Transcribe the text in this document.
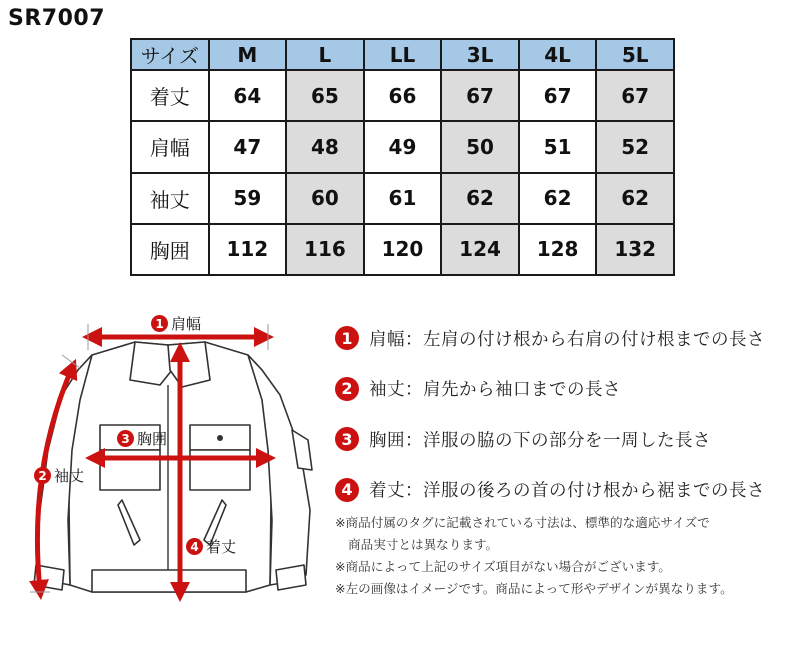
SR7007
サイズ	M	L	LL	3L	4L	5L
着丈	64	65	66	67	67	67
肩幅	47	48	49	50	51	52
袖丈	59	60	61	62	62	62
胸囲	112	116	120	124	128	132
1 肩幅
2 袖丈
3 胸囲
4 着丈
1 肩幅：左肩の付け根から右肩の付け根までの長さ
2 袖丈：肩先から袖口までの長さ
3 胸囲：洋服の脇の下の部分を一周した長さ
4 着丈：洋服の後ろの首の付け根から裾までの長さ
※商品付属のタグに記載されている寸法は、標準的な適応サイズで
商品実寸とは異なります。
※商品によって上記のサイズ項目がない場合がございます。
※左の画像はイメージです。商品によって形やデザインが異なります。
